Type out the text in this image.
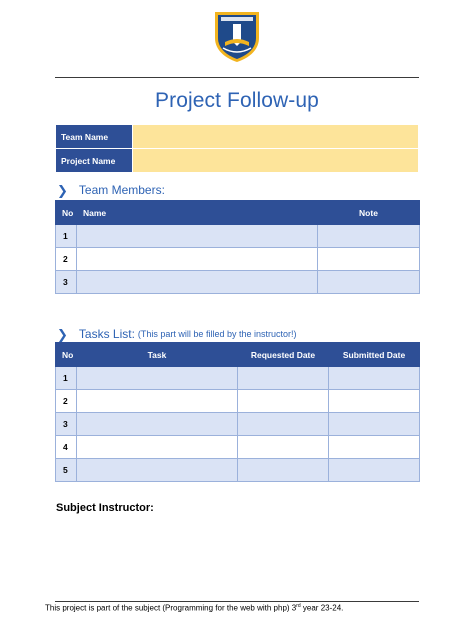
Project Follow-up
Team Name	
Project Name	
❯ Team Members:
No	Name	Note
1		
2		
3		
❯ Tasks List: (This part will be filled by the instructor!)
No	Task	Requested Date	Submitted Date
1			
2			
3			
4			
5			
Subject Instructor:
This project is part of the subject (Programming for the web with php) 3rd year 23-24.
